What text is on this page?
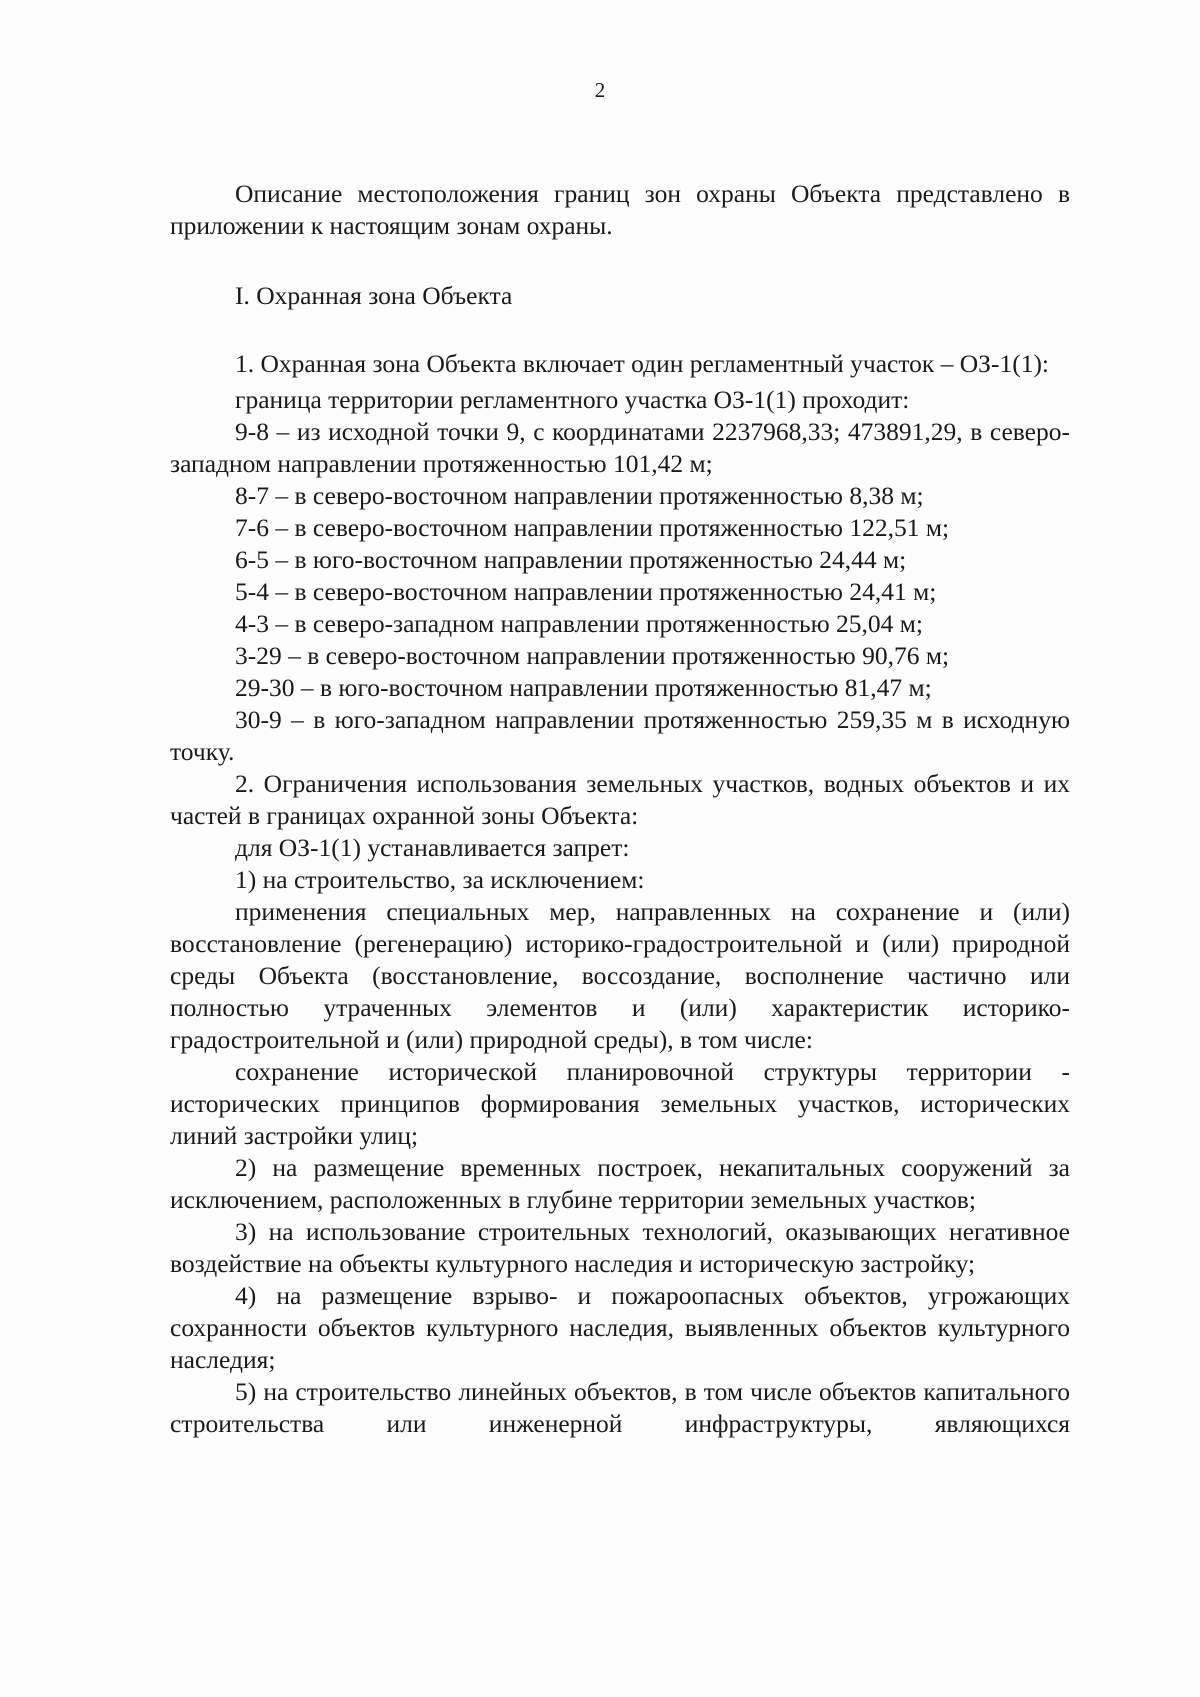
2

Описание местоположения границ зон охраны Объекта представлено в приложении к настоящим зонам охраны.

I. Охранная зона Объекта

1. Охранная зона Объекта включает один регламентный участок – ОЗ-1(1):

граница территории регламентного участка ОЗ-1(1) проходит:

9-8 – из исходной точки 9, с координатами 2237968,33; 473891,29, в северо-западном направлении протяженностью 101,42 м;

8-7 – в северо-восточном направлении протяженностью 8,38 м;

7-6 – в северо-восточном направлении протяженностью 122,51 м;

6-5 – в юго-восточном направлении протяженностью 24,44 м;

5-4 – в северо-восточном направлении протяженностью 24,41 м;

4-3 – в северо-западном направлении протяженностью 25,04 м;

3-29 – в северо-восточном направлении протяженностью 90,76 м;

29-30 – в юго-восточном направлении протяженностью 81,47 м;

30-9 – в юго-западном направлении протяженностью 259,35 м в исходную точку.

2. Ограничения использования земельных участков, водных объектов и их частей в границах охранной зоны Объекта:

для ОЗ-1(1) устанавливается запрет:

1) на строительство, за исключением:

применения специальных мер, направленных на сохранение и (или) восстановление (регенерацию) историко-градостроительной и (или) природной среды Объекта (восстановление, воссоздание, восполнение частично или полностью утраченных элементов и (или) характеристик историко-градостроительной и (или) природной среды), в том числе:

сохранение исторической планировочной структуры территории - исторических принципов формирования земельных участков, исторических линий застройки улиц;

2) на размещение временных построек, некапитальных сооружений за исключением, расположенных в глубине территории земельных участков;

3) на использование строительных технологий, оказывающих негативное воздействие на объекты культурного наследия и историческую застройку;

4) на размещение взрыво- и пожароопасных объектов, угрожающих сохранности объектов культурного наследия, выявленных объектов культурного наследия;

5) на строительство линейных объектов, в том числе объектов капитального строительства или инженерной инфраструктуры, являющихся
